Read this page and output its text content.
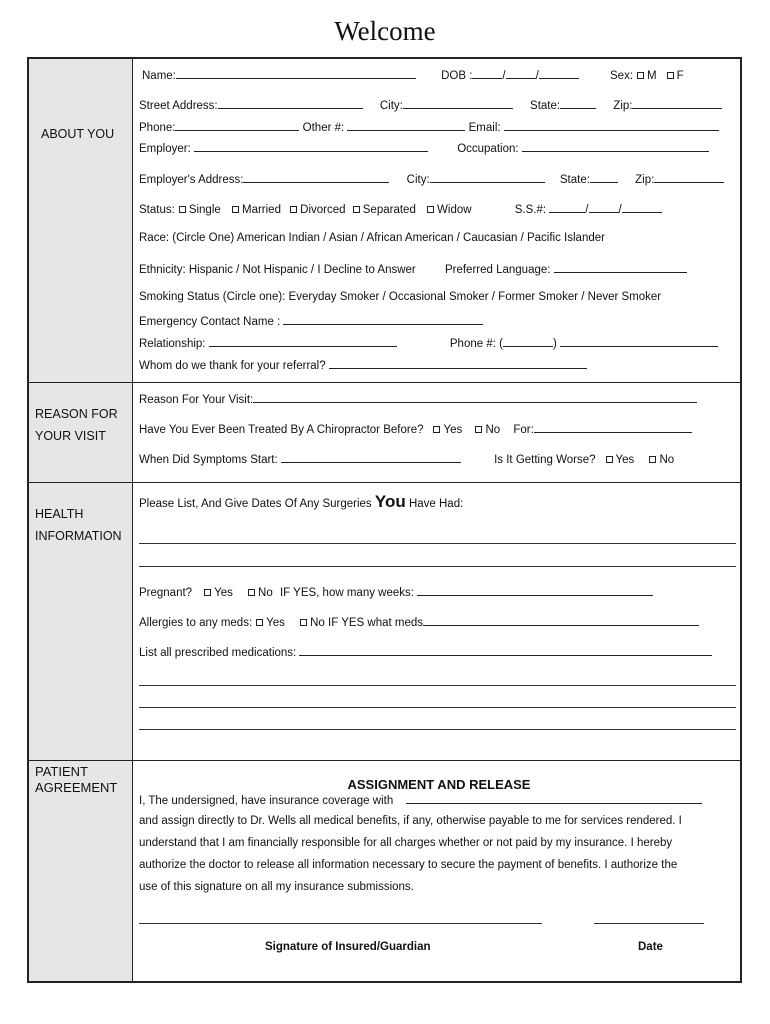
Welcome
ABOUT YOU
REASON FOR
YOUR VISIT
HEALTH
INFORMATION
PATIENT
AGREEMENT
Name:	DOB :	/	/	Sex: M F
Street Address:	City:	State:	Zip:
Phone:	Other #:	Email:
Employer:	Occupation:
Employer's Address:	City:	State:	Zip:
Status: Single Married Divorced Separated Widow	S.S.#:	/	/
Race: (Circle One) American Indian / Asian / African American / Caucasian / Pacific Islander
Ethnicity: Hispanic / Not Hispanic / I Decline to Answer	Preferred Language:
Smoking Status (Circle one): Everyday Smoker / Occasional Smoker / Former Smoker / Never Smoker
Emergency Contact Name :
Relationship:	Phone #: (	)
Whom do we thank for your referral?
Reason For Your Visit:
Have You Ever Been Treated By A Chiropractor Before? Yes No For:
When Did Symptoms Start:	Is It Getting Worse? Yes No
Please List, And Give Dates Of Any Surgeries You Have Had:
Pregnant? Yes No IF YES, how many weeks:
Allergies to any meds: Yes No IF YES what meds
List all prescribed medications:
ASSIGNMENT AND RELEASE
I, The undersigned, have insurance coverage with
and assign directly to Dr. Wells all medical benefits, if any, otherwise payable to me for services rendered. I
understand that I am financially responsible for all charges whether or not paid by my insurance. I hereby
authorize the doctor to release all information necessary to secure the payment of benefits. I authorize the
use of this signature on all my insurance submissions.
Signature of Insured/Guardian	Date
